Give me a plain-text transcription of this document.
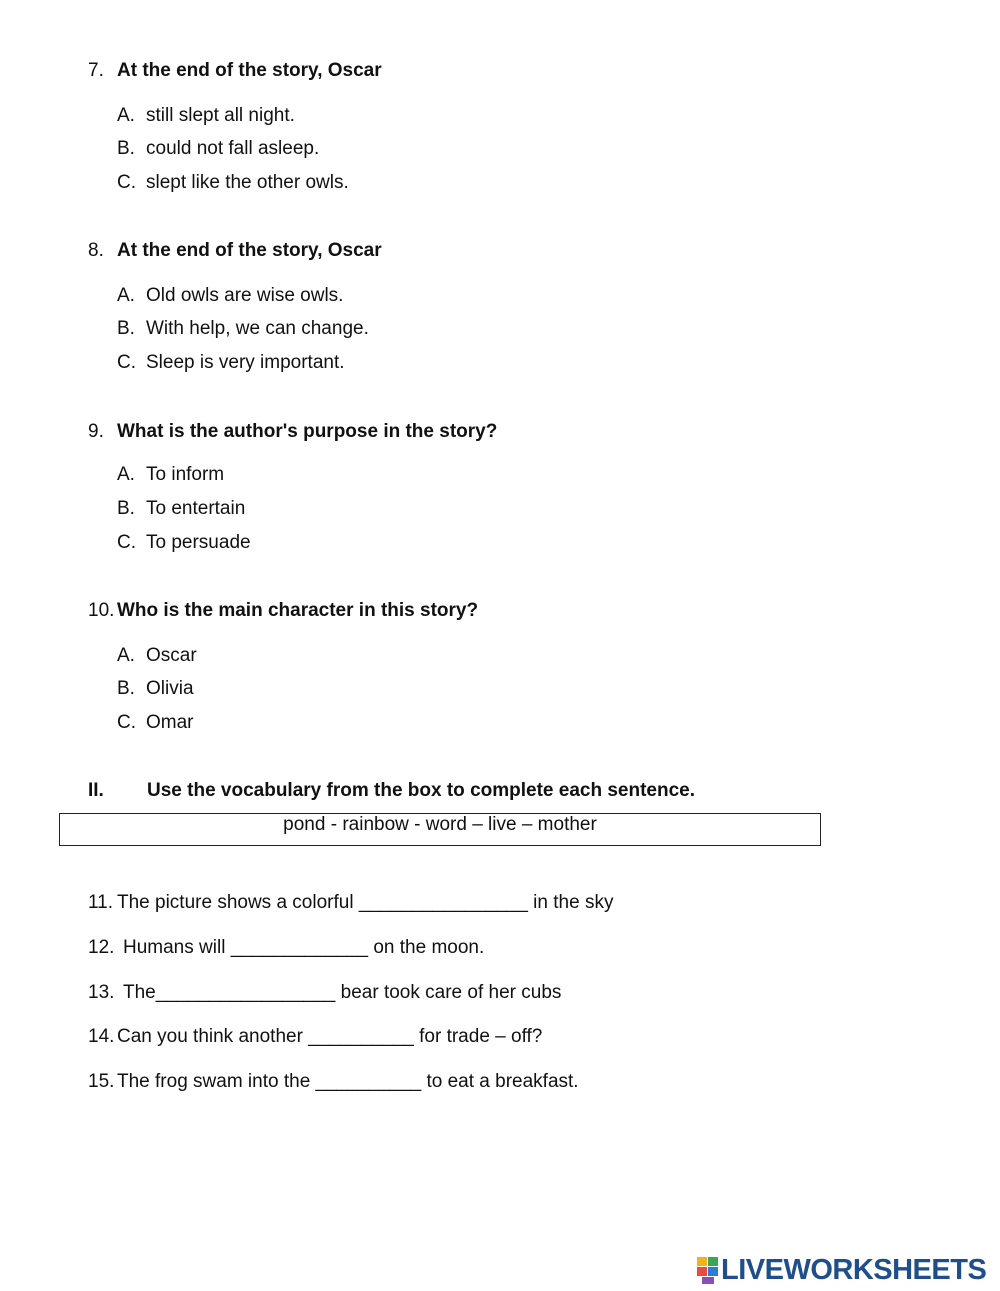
7. At the end of the story, Oscar
A. still slept all night.
B. could not fall asleep.
C. slept like the other owls.
8. At the end of the story, Oscar
A. Old owls are wise owls.
B. With help, we can change.
C. Sleep is very important.
9. What is the author's purpose in the story?
A. To inform
B. To entertain
C. To persuade
10. Who is the main character in this story?
A. Oscar
B. Olivia
C. Omar
II. Use the vocabulary from the box to complete each sentence.
pond - rainbow - word – live – mother
11. The picture shows a colorful ________________ in the sky
12. Humans will _____________ on the moon.
13. The_________________ bear took care of her cubs
14. Can you think another __________ for trade – off?
15. The frog swam into the __________ to eat a breakfast.
LIVEWORKSHEETS
